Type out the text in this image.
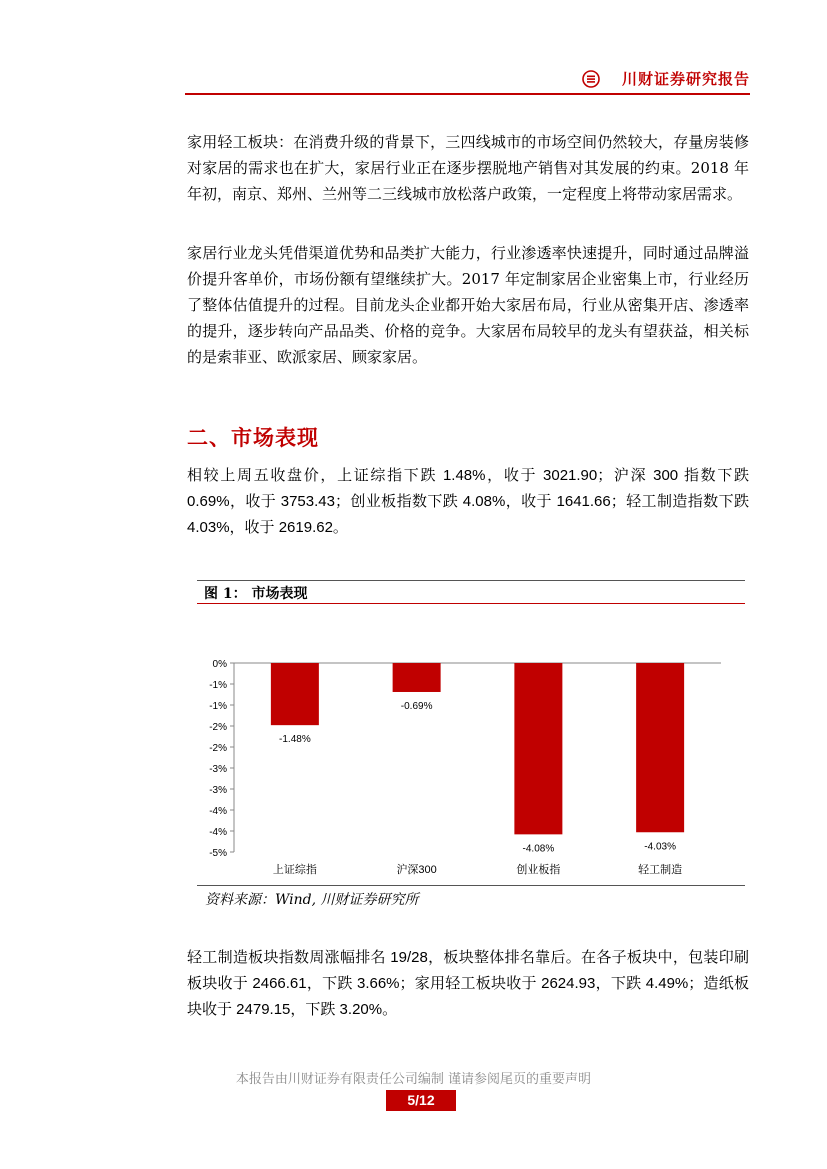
川财证券研究报告
家用轻工板块：在消费升级的背景下，三四线城市的市场空间仍然较大，存量房装修对家居的需求也在扩大，家居行业正在逐步摆脱地产销售对其发展的约束。2018 年年初，南京、郑州、兰州等二三线城市放松落户政策，一定程度上将带动家居需求。
家居行业龙头凭借渠道优势和品类扩大能力，行业渗透率快速提升，同时通过品牌溢价提升客单价，市场份额有望继续扩大。2017 年定制家居企业密集上市，行业经历了整体估值提升的过程。目前龙头企业都开始大家居布局，行业从密集开店、渗透率的提升，逐步转向产品品类、价格的竞争。大家居布局较早的龙头有望获益，相关标的是索菲亚、欧派家居、顾家家居。
二、市场表现
相较上周五收盘价，上证综指下跌 1.48%，收于 3021.90；沪深 300 指数下跌 0.69%，收于 3753.43；创业板指数下跌 4.08%，收于 1641.66；轻工制造指数下跌 4.03%，收于 2619.62。
图 1： 市场表现
0%
-1%
-1%
-2%
-2%
-3%
-3%
-4%
-4%
-5%
-1.48%
上证综指
-0.69%
沪深300
-4.08%
创业板指
-4.03%
轻工制造
资料来源：Wind, 川财证券研究所
轻工制造板块指数周涨幅排名 19/28，板块整体排名靠后。在各子板块中，包装印刷板块收于 2466.61，下跌 3.66%；家用轻工板块收于 2624.93，下跌 4.49%；造纸板块收于 2479.15，下跌 3.20%。
本报告由川财证券有限责任公司编制 谨请参阅尾页的重要声明
5/12
